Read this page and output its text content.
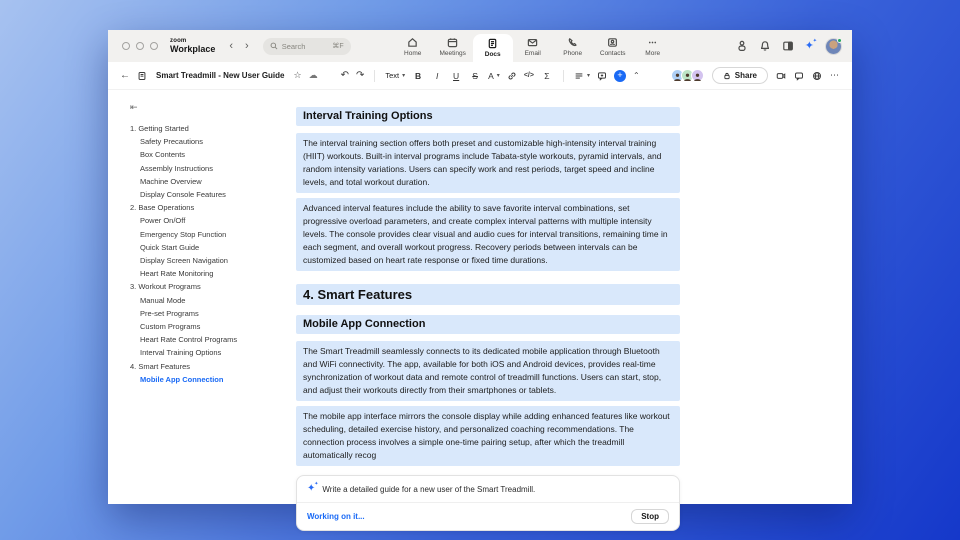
zoom
Workplace ‹ ›	Search	⌘F
Home	Meetings	Docs	Email	Phone	Contacts	More
✦
✦
←	Smart Treadmill - New User Guide ☆ ☁ ↶ ↷	Text ▾	B	I	U	S	A ▾	</>	Σ	▾	+	⌃	Share	⋯
⇤
1. Getting Started
Safety Precautions
Box Contents
Assembly Instructions
Machine Overview
Display Console Features
2. Base Operations
Power On/Off
Emergency Stop Function
Quick Start Guide
Display Screen Navigation
Heart Rate Monitoring
3. Workout Programs
Manual Mode
Pre-set Programs
Custom Programs
Heart Rate Control Programs
Interval Training Options
4. Smart Features
Mobile App Connection
Interval Training Options
The interval training section offers both preset and customizable high-intensity interval training (HIIT) workouts. Built-in interval programs include Tabata-style workouts, pyramid intervals, and random intensity variations. Users can specify work and rest periods, target speed and incline levels, and total workout duration.
Advanced interval features include the ability to save favorite interval combinations, set progressive overload parameters, and create complex interval patterns with multiple intensity levels. The console provides clear visual and audio cues for interval transitions, remaining time in each segment, and overall workout progress. Recovery periods between intervals can be customized based on heart rate response or fixed time durations.
4. Smart Features
Mobile App Connection
The Smart Treadmill seamlessly connects to its dedicated mobile application through Bluetooth and WiFi connectivity. The app, available for both iOS and Android devices, provides real-time synchronization of workout data and remote control of treadmill functions. Users can start, stop, and adjust their workouts directly from their smartphones or tablets.
The mobile app interface mirrors the console display while adding enhanced features like workout scheduling, detailed exercise history, and personalized coaching recommendations. The connection process involves a simple one-time pairing setup, after which the treadmill automatically recog
✦
✦
Write a detailed guide for a new user of the Smart Treadmill.
Working on it...	Stop
